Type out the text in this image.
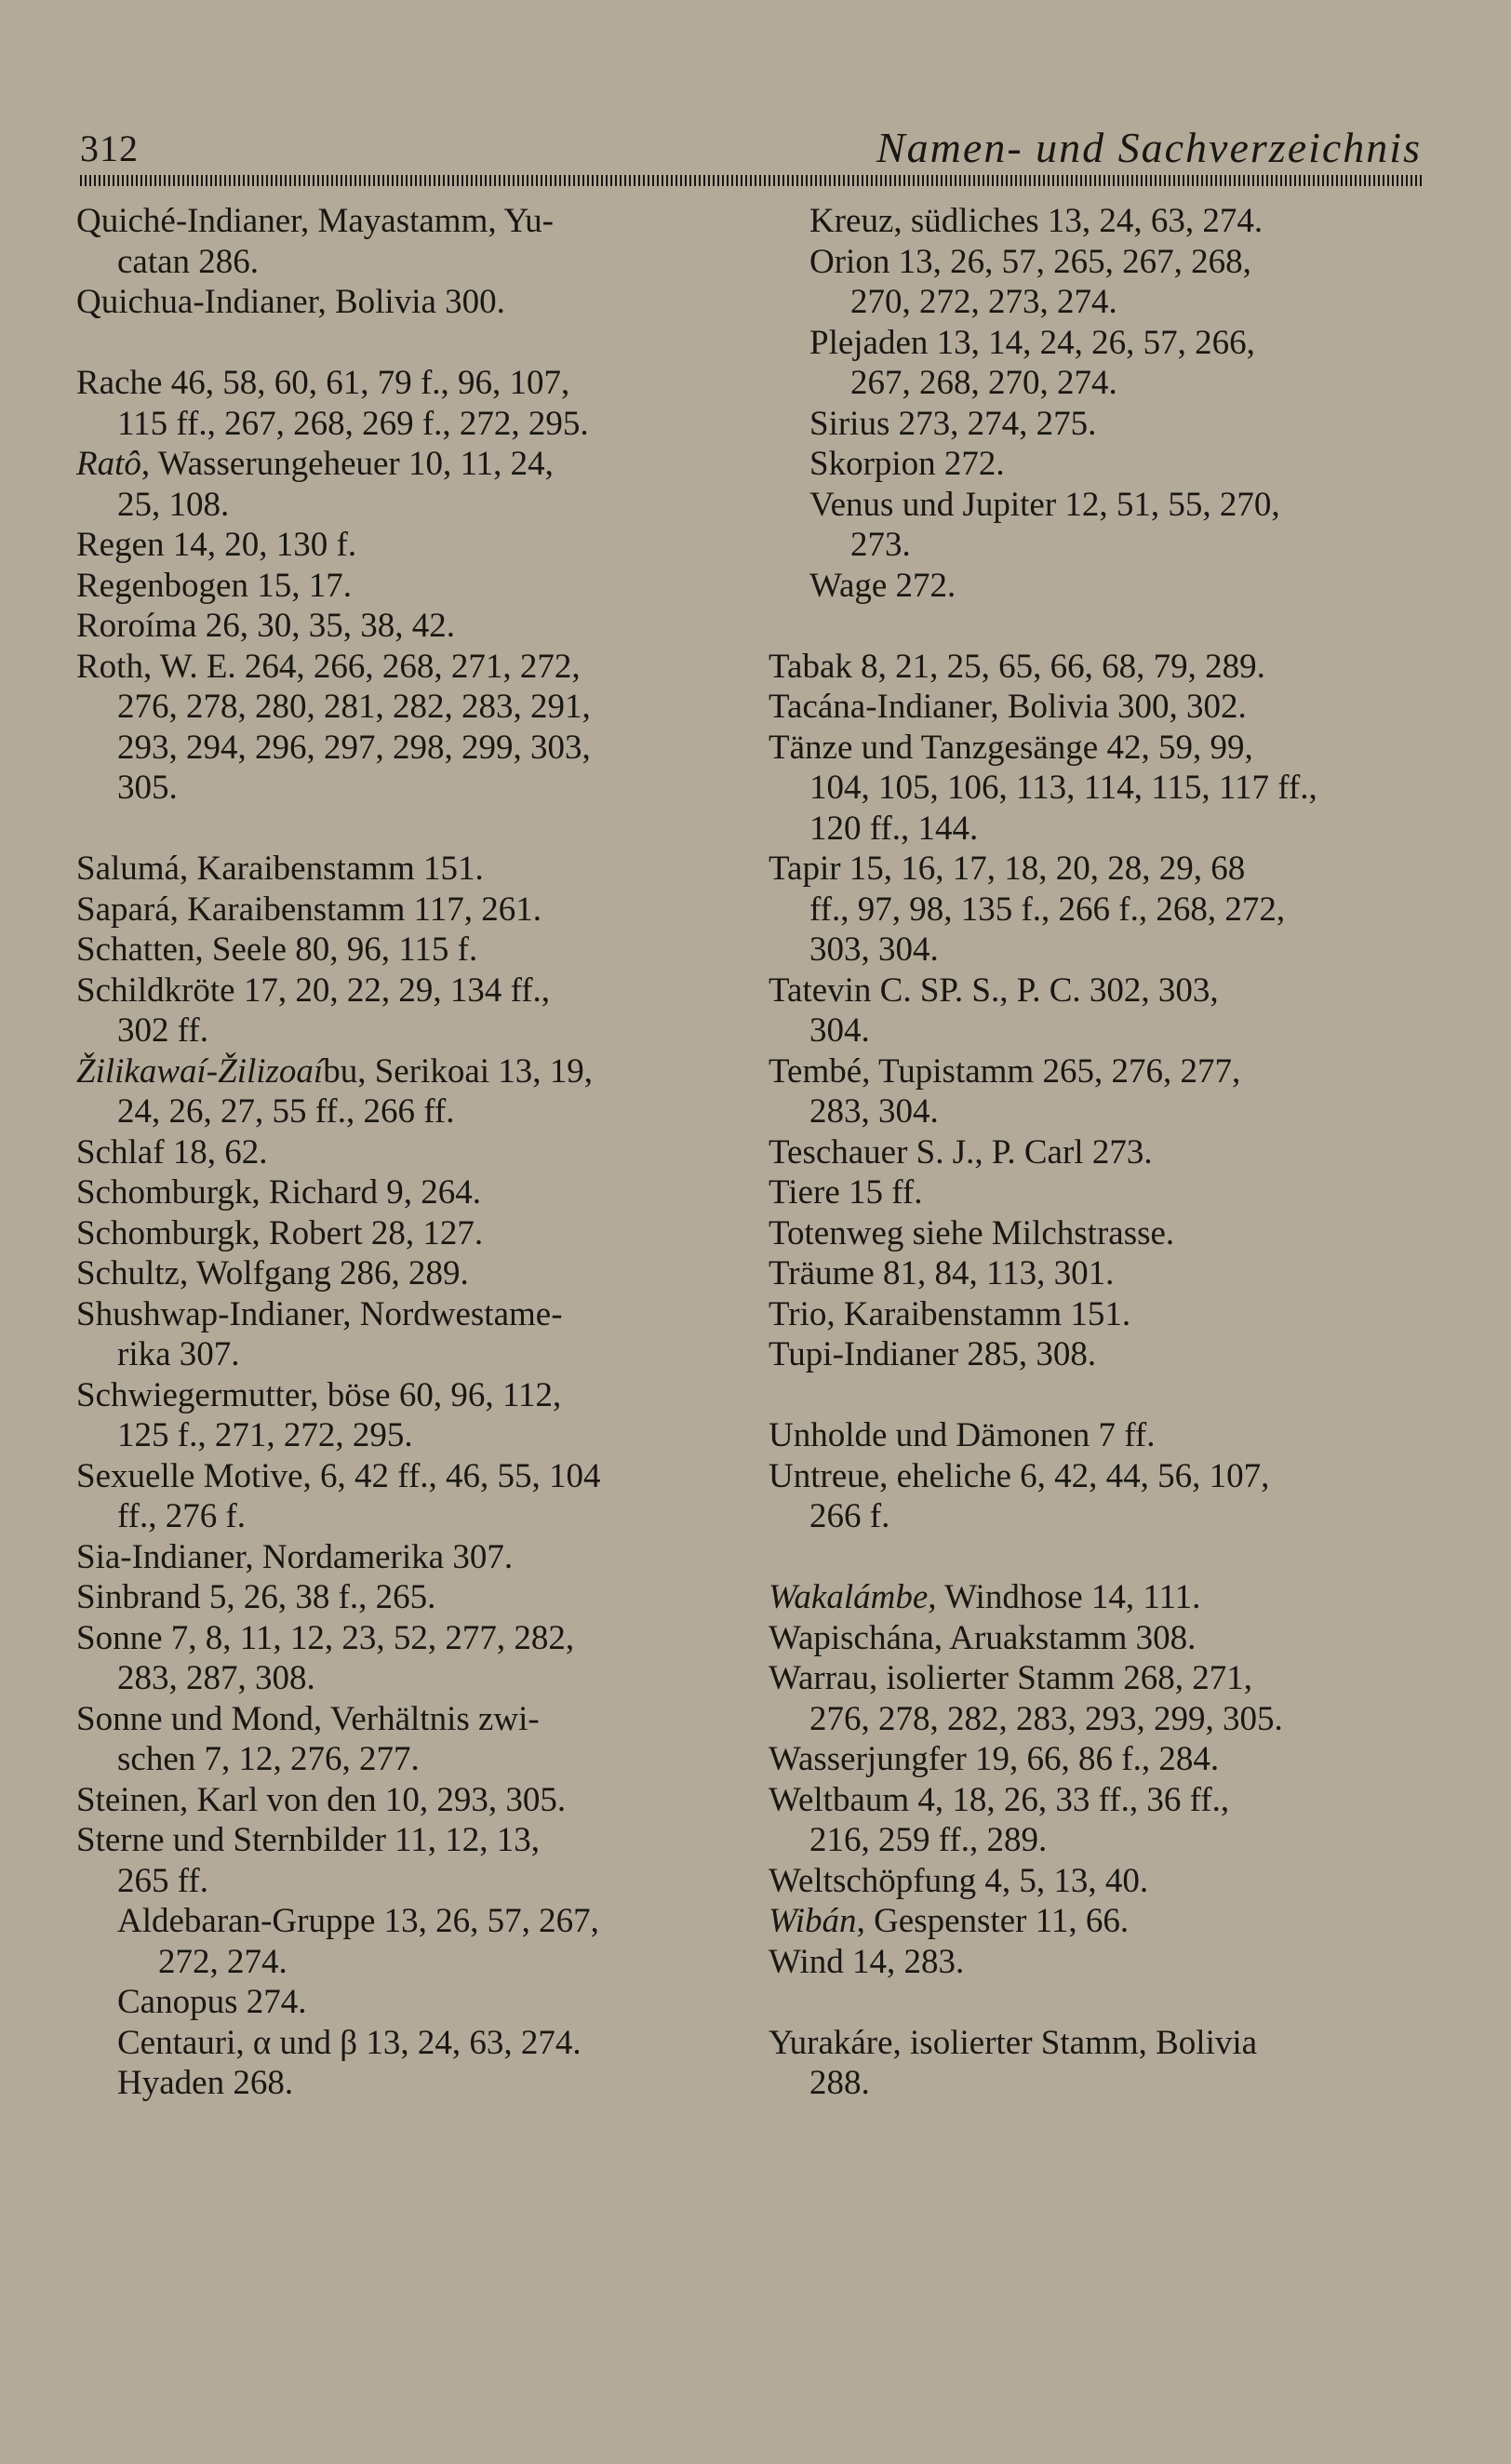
312	Namen- und Sachverzeichnis
Quiché-Indianer, Mayastamm, Yu-
catan 286.
Quichua-Indianer, Bolivia 300.
Rache 46, 58, 60, 61, 79 f., 96, 107,
115 ff., 267, 268, 269 f., 272, 295.
Ratô, Wasserungeheuer 10, 11, 24,
25, 108.
Regen 14, 20, 130 f.
Regenbogen 15, 17.
Roroíma 26, 30, 35, 38, 42.
Roth, W. E. 264, 266, 268, 271, 272,
276, 278, 280, 281, 282, 283, 291,
293, 294, 296, 297, 298, 299, 303,
305.
Salumá, Karaibenstamm 151.
Sapará, Karaibenstamm 117, 261.
Schatten, Seele 80, 96, 115 f.
Schildkröte 17, 20, 22, 29, 134 ff.,
302 ff.
Žilikawaí-Žilizoaíbu, Serikoai 13, 19,
24, 26, 27, 55 ff., 266 ff.
Schlaf 18, 62.
Schomburgk, Richard 9, 264.
Schomburgk, Robert 28, 127.
Schultz, Wolfgang 286, 289.
Shushwap-Indianer, Nordwestame-
rika 307.
Schwiegermutter, böse 60, 96, 112,
125 f., 271, 272, 295.
Sexuelle Motive, 6, 42 ff., 46, 55, 104
ff., 276 f.
Sia-Indianer, Nordamerika 307.
Sinbrand 5, 26, 38 f., 265.
Sonne 7, 8, 11, 12, 23, 52, 277, 282,
283, 287, 308.
Sonne und Mond, Verhältnis zwi-
schen 7, 12, 276, 277.
Steinen, Karl von den 10, 293, 305.
Sterne und Sternbilder 11, 12, 13,
265 ff.
Aldebaran-Gruppe 13, 26, 57, 267,
272, 274.
Canopus 274.
Centauri, α und β 13, 24, 63, 274.
Hyaden 268.
Kreuz, südliches 13, 24, 63, 274.
Orion 13, 26, 57, 265, 267, 268,
270, 272, 273, 274.
Plejaden 13, 14, 24, 26, 57, 266,
267, 268, 270, 274.
Sirius 273, 274, 275.
Skorpion 272.
Venus und Jupiter 12, 51, 55, 270,
273.
Wage 272.
Tabak 8, 21, 25, 65, 66, 68, 79, 289.
Tacána-Indianer, Bolivia 300, 302.
Tänze und Tanzgesänge 42, 59, 99,
104, 105, 106, 113, 114, 115, 117 ff.,
120 ff., 144.
Tapir 15, 16, 17, 18, 20, 28, 29, 68
ff., 97, 98, 135 f., 266 f., 268, 272,
303, 304.
Tatevin C. SP. S., P. C. 302, 303,
304.
Tembé, Tupistamm 265, 276, 277,
283, 304.
Teschauer S. J., P. Carl 273.
Tiere 15 ff.
Totenweg siehe Milchstrasse.
Träume 81, 84, 113, 301.
Trio, Karaibenstamm 151.
Tupi-Indianer 285, 308.
Unholde und Dämonen 7 ff.
Untreue, eheliche 6, 42, 44, 56, 107,
266 f.
Wakalámbe, Windhose 14, 111.
Wapischána, Aruakstamm 308.
Warrau, isolierter Stamm 268, 271,
276, 278, 282, 283, 293, 299, 305.
Wasserjungfer 19, 66, 86 f., 284.
Weltbaum 4, 18, 26, 33 ff., 36 ff.,
216, 259 ff., 289.
Weltschöpfung 4, 5, 13, 40.
Wibán, Gespenster 11, 66.
Wind 14, 283.
Yurakáre, isolierter Stamm, Bolivia
288.
